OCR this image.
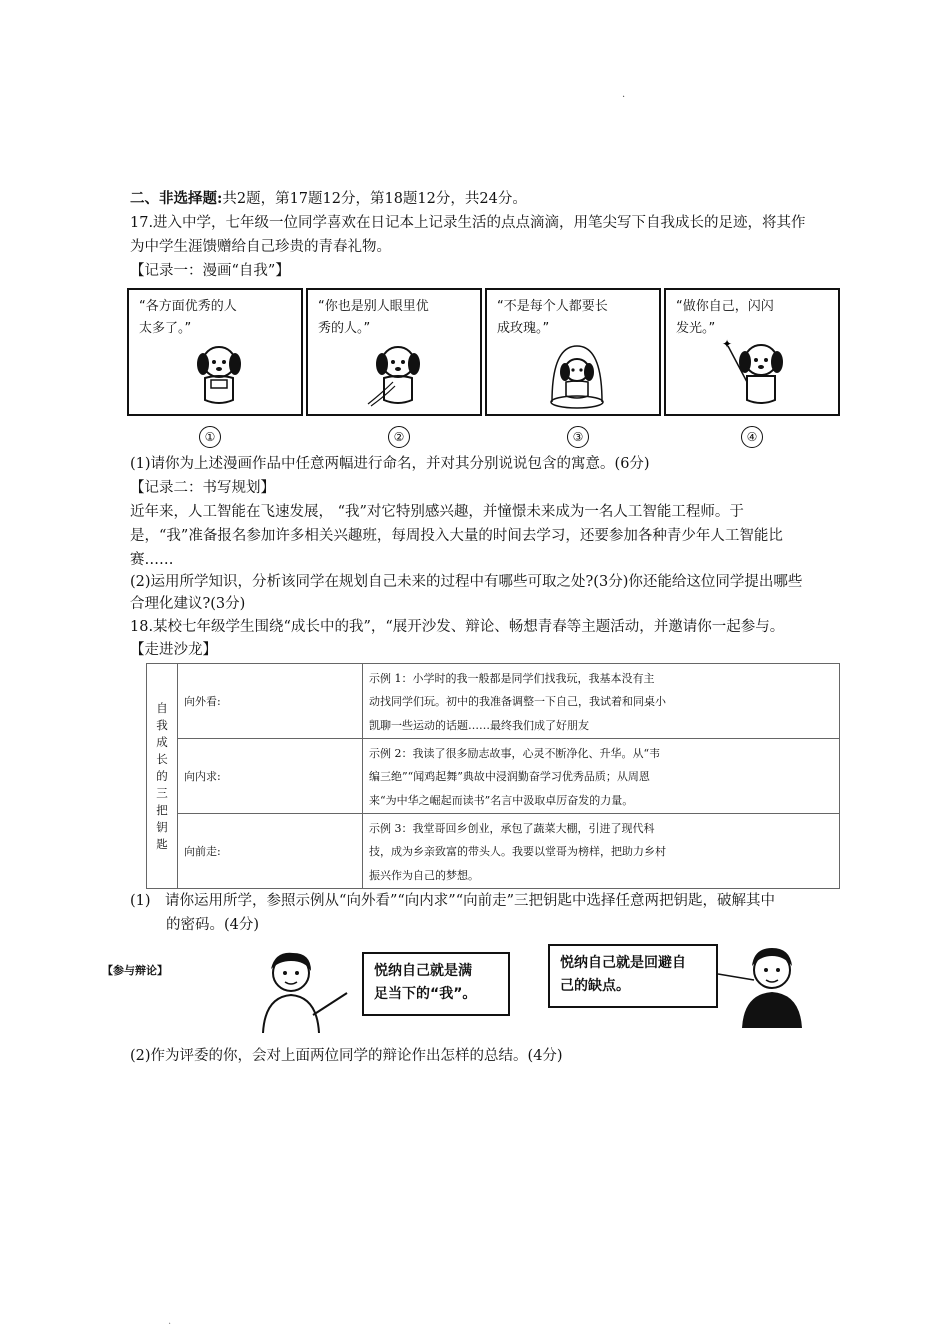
·
二、非选择题:共2题，第17题12分，第18题12分，共24分。
17.进入中学，七年级一位同学喜欢在日记本上记录生活的点点滴滴，用笔尖写下自我成长的足迹，将其作
为中学生涯馈赠给自己珍贵的青春礼物。
【记录一：漫画“自我”】
“各方面优秀的人
太多了。”
“你也是别人眼里优
秀的人。”
“不是每个人都要长
成玫瑰。”
“做你自己，闪闪
发光。”
✦
①	②	③	④
(1)请你为上述漫画作品中任意两幅进行命名，并对其分别说说包含的寓意。(6分)
【记录二：书写规划】
近年来，人工智能在飞速发展， “我”对它特别感兴趣，并憧憬未来成为一名人工智能工程师。于
是，“我”准备报名参加许多相关兴趣班，每周投入大量的时间去学习，还要参加各种青少年人工智能比
赛……
(2)运用所学知识，分析该同学在规划自己未来的过程中有哪些可取之处?(3分)你还能给这位同学提出哪些
合理化建议?(3分)
18.某校七年级学生围绕“成长中的我”，“展开沙发、辩论、畅想青春等主题活动，并邀请你一起参与。
【走进沙龙】
自我成长的三把钥匙	向外看:	示例 1：小学时的我一般都是同学们找我玩，我基本没有主
动找同学们玩。初中的我准备调整一下自己，我试着和同桌小
凯聊一些运动的话题……最终我们成了好朋友

	向内求:	示例 2：我读了很多励志故事，心灵不断净化、升华。从“韦
编三绝”“闻鸡起舞”典故中浸润勤奋学习优秀品质；从周恩
来“为中华之崛起而读书”名言中汲取卓厉奋发的力量。

	向前走:	示例 3：我堂哥回乡创业，承包了蔬菜大棚，引进了现代科
技，成为乡亲致富的带头人。我要以堂哥为榜样，把助力乡村
振兴作为自己的梦想。
(1)　请你运用所学，参照示例从“向外看”“向内求”“向前走”三把钥匙中选择任意两把钥匙，破解其中
的密码。(4分)
【参与辩论】	悦纳自己就是满
足当下的“我”。
悦纳自己就是回避自
己的缺点。
(2)作为评委的你，会对上面两位同学的辩论作出怎样的总结。(4分)
.
